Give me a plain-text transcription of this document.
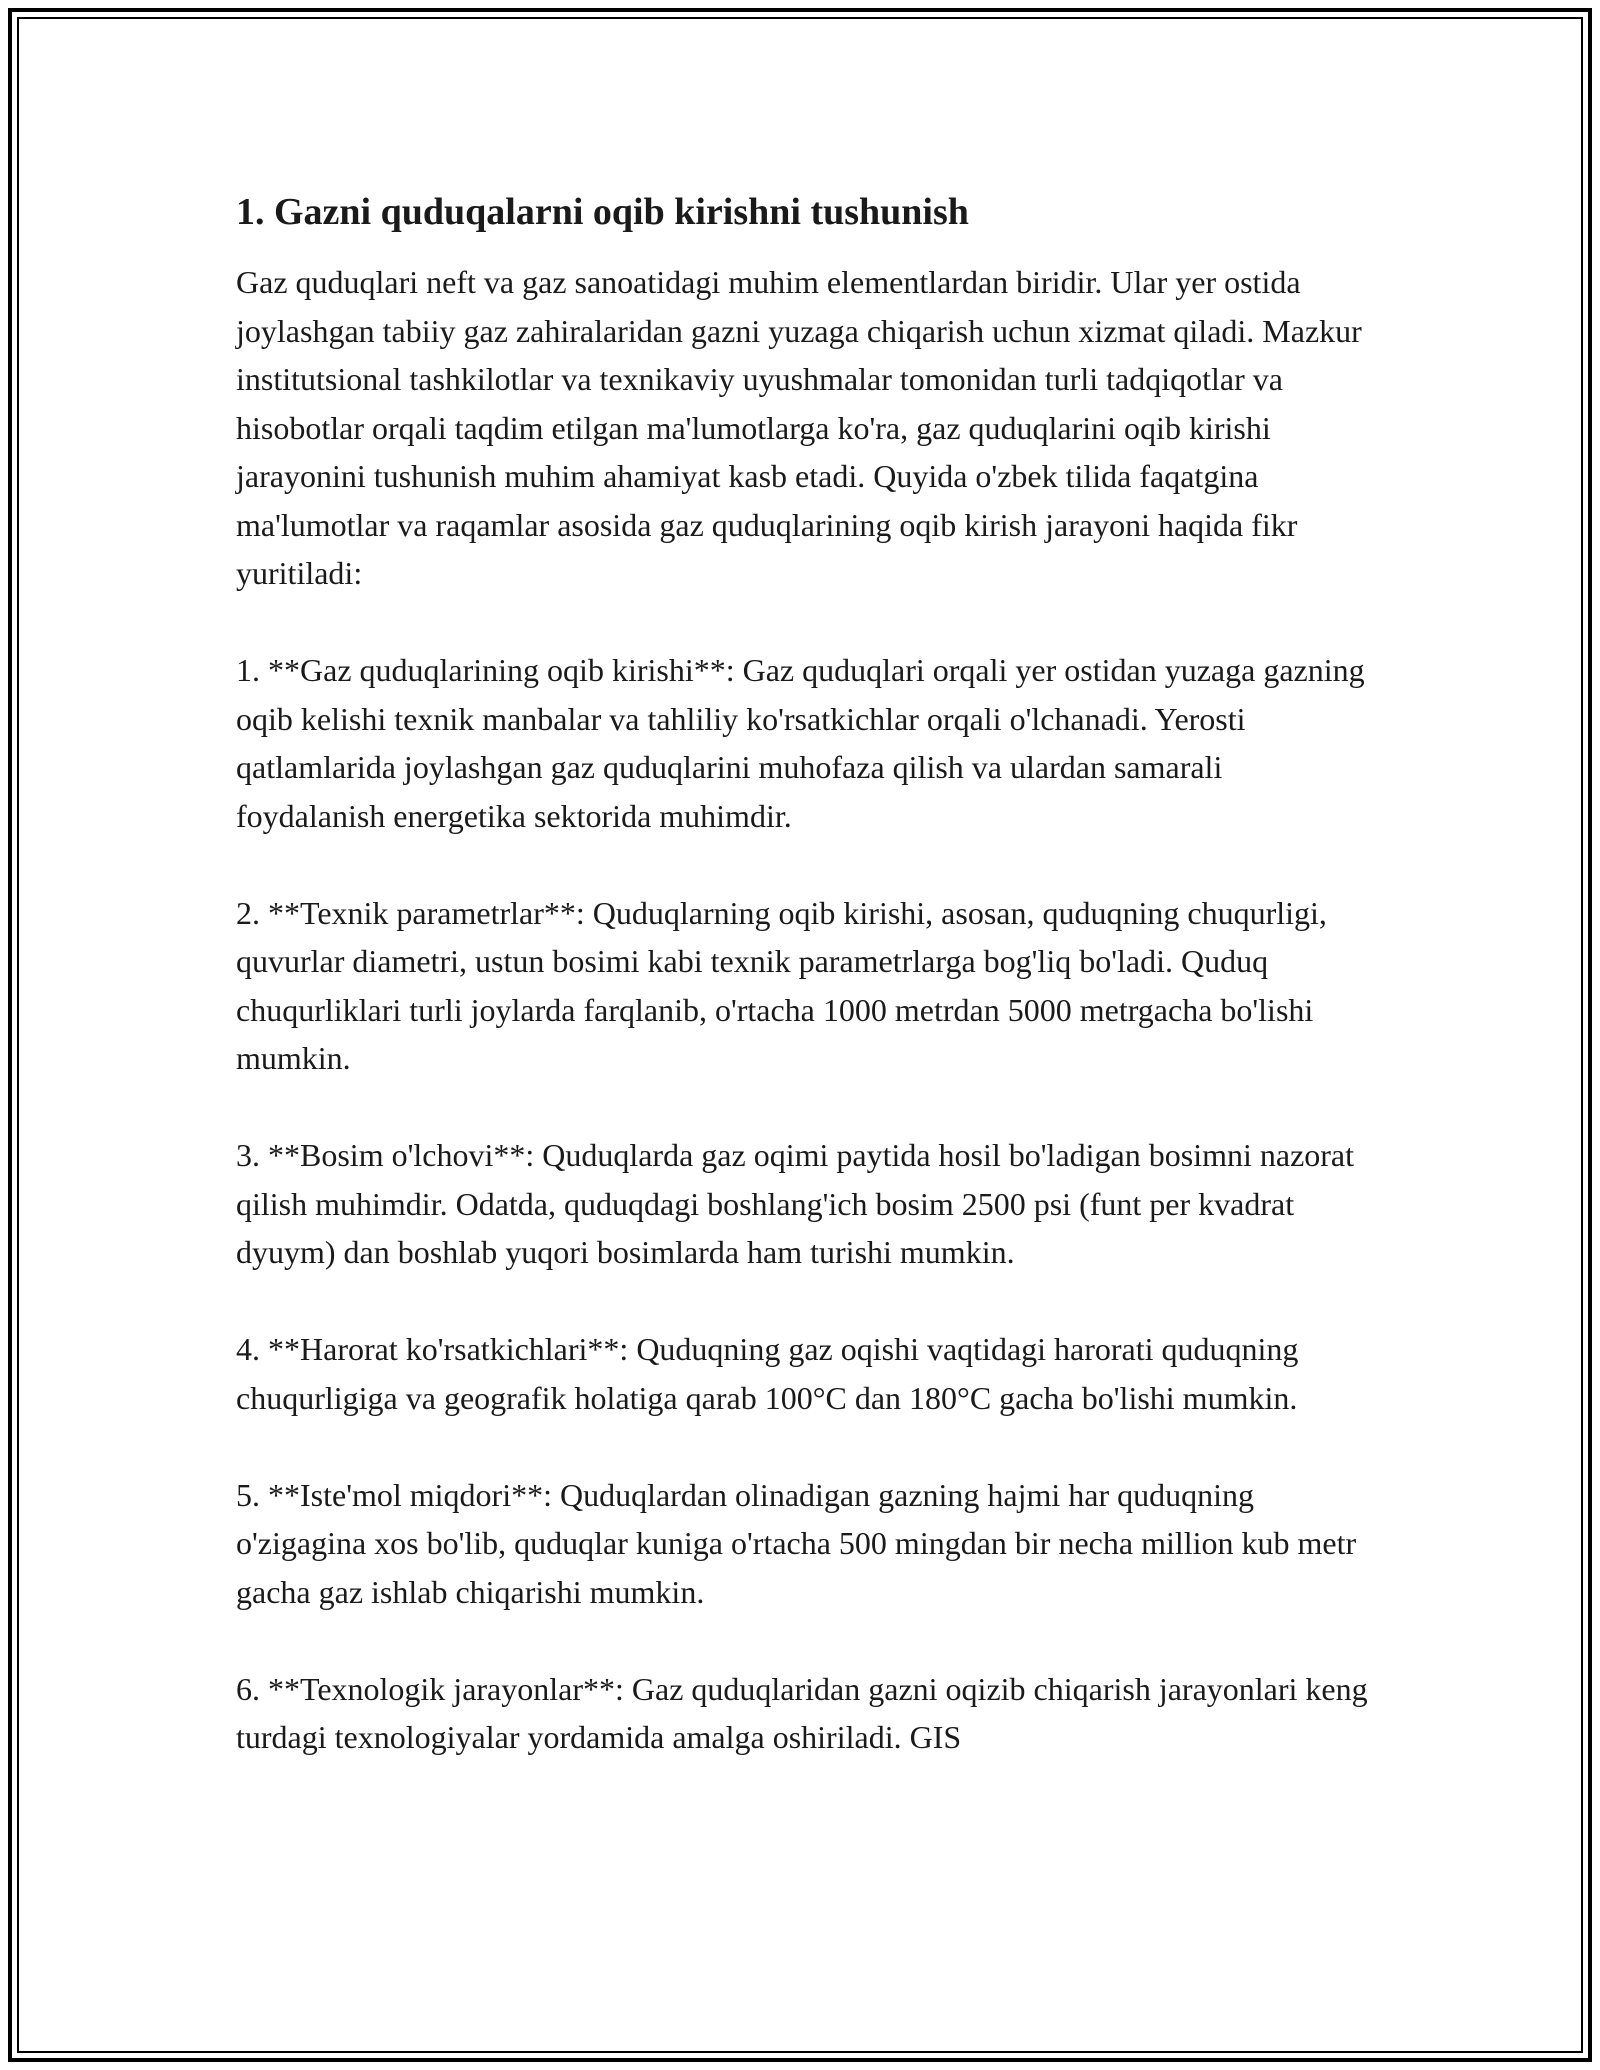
1. Gazni quduqalarni oqib kirishni tushunish

Gaz quduqlari neft va gaz sanoatidagi muhim elementlardan biridir. Ular yer ostida joylashgan tabiiy gaz zahiralaridan gazni yuzaga chiqarish uchun xizmat qiladi. Mazkur institutsional tashkilotlar va texnikaviy uyushmalar tomonidan turli tadqiqotlar va hisobotlar orqali taqdim etilgan ma'lumotlarga ko'ra, gaz quduqlarini oqib kirishi jarayonini tushunish muhim ahamiyat kasb etadi. Quyida o'zbek tilida faqatgina ma'lumotlar va raqamlar asosida gaz quduqlarining oqib kirish jarayoni haqida fikr yuritiladi:

1. **Gaz quduqlarining oqib kirishi**: Gaz quduqlari orqali yer ostidan yuzaga gazning oqib kelishi texnik manbalar va tahliliy ko'rsatkichlar orqali o'lchanadi. Yerosti qatlamlarida joylashgan gaz quduqlarini muhofaza qilish va ulardan samarali foydalanish energetika sektorida muhimdir.

2. **Texnik parametrlar**: Quduqlarning oqib kirishi, asosan, quduqning chuqurligi, quvurlar diametri, ustun bosimi kabi texnik parametrlarga bog'liq bo'ladi. Quduq chuqurliklari turli joylarda farqlanib, o'rtacha 1000 metrdan 5000 metrgacha bo'lishi mumkin.

3. **Bosim o'lchovi**: Quduqlarda gaz oqimi paytida hosil bo'ladigan bosimni nazorat qilish muhimdir. Odatda, quduqdagi boshlang'ich bosim 2500 psi (funt per kvadrat dyuym) dan boshlab yuqori bosimlarda ham turishi mumkin.

4. **Harorat ko'rsatkichlari**: Quduqning gaz oqishi vaqtidagi harorati quduqning chuqurligiga va geografik holatiga qarab 100°C dan 180°C gacha bo'lishi mumkin.

5. **Iste'mol miqdori**: Quduqlardan olinadigan gazning hajmi har quduqning o'zigagina xos bo'lib, quduqlar kuniga o'rtacha 500 mingdan bir necha million kub metr gacha gaz ishlab chiqarishi mumkin.

6. **Texnologik jarayonlar**: Gaz quduqlaridan gazni oqizib chiqarish jarayonlari keng turdagi texnologiyalar yordamida amalga oshiriladi. GIS
